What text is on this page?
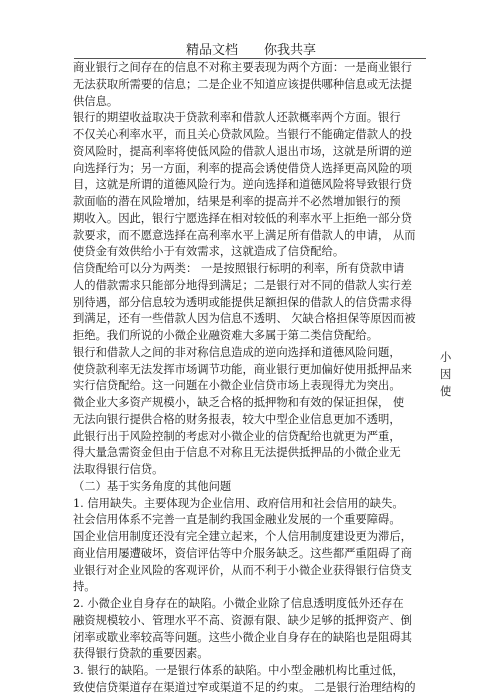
精品文档 你我共享
商业银行之间存在的信息不对称主要表现为两个方面：一是商业银行
无法获取所需要的信息；二是企业不知道应该提供哪种信息或无法提
供信息。
银行的期望收益取决于贷款利率和借款人还款概率两个方面。银行
不仅关心利率水平，而且关心贷款风险。当银行不能确定借款人的投
资风险时，提高利率将使低风险的借款人退出市场，这就是所谓的逆
向选择行为；另一方面，利率的提高会诱使借贷人选择更高风险的项
目，这就是所谓的道德风险行为。逆向选择和道德风险将导致银行贷
款面临的潜在风险增加，结果是利率的提高并不必然增加银行的预
期收入。因此，银行宁愿选择在相对较低的利率水平上拒绝一部分贷
款要求，而不愿意选择在高利率水平上满足所有借款人的申请， 从而
使贷金有效供给小于有效需求，这就造成了信贷配给。
信贷配给可以分为两类： 一是按照银行标明的利率，所有贷款申请
人的借款需求只能部分地得到满足；二是银行对不同的借款人实行差
别待遇，部分信息较为透明或能提供足额担保的借款人的信贷需求得
到满足，还有一些借款人因为信息不透明、 欠缺合格担保等原因而被
拒绝。我们所说的小微企业融资难大多属于第二类信贷配给。
银行和借款人之间的非对称信息造成的逆向选择和道德风险问题，
使贷款利率无法发挥市场调节功能，商业银行更加偏好使用抵押品来
实行信贷配给。这一问题在小微企业信贷市场上表现得尤为突出。
微企业大多资产规模小，缺乏合格的抵押物和有效的保证担保， 使
无法向银行提供合格的财务报表，较大中型企业信息更加不透明，
此银行出于风险控制的考虑对小微企业的信贷配给也就更为严重，
得大量急需资金但由于信息不对称且无法提供抵押品的小微企业无
法取得银行信贷。
（二）基于实务角度的其他问题
1. 信用缺失。主要体现为企业信用、政府信用和社会信用的缺失。
社会信用体系不完善一直是制约我国金融业发展的一个重要障碍。
国企业信用制度还没有完全建立起来，个人信用制度建设更为滞后，
商业信用屡遭破坏，资信评估等中介服务缺乏。这些都严重阻碍了商
业银行对企业风险的客观评价，从而不利于小微企业获得银行信贷支
持。
2. 小微企业自身存在的缺陷。小微企业除了信息透明度低外还存在
融资规模较小、管理水平不高、资源有限、缺少足够的抵押资产、倒
闭率或歇业率较高等问题。这些小微企业自身存在的缺陷也是阻碍其
获得银行贷款的重要因素。
3. 银行的缺陷。一是银行体系的缺陷。中小型金融机构比重过低，
致使信贷渠道存在渠道过窄或渠道不足的约束。 二是银行治理结构的
小
因
使
